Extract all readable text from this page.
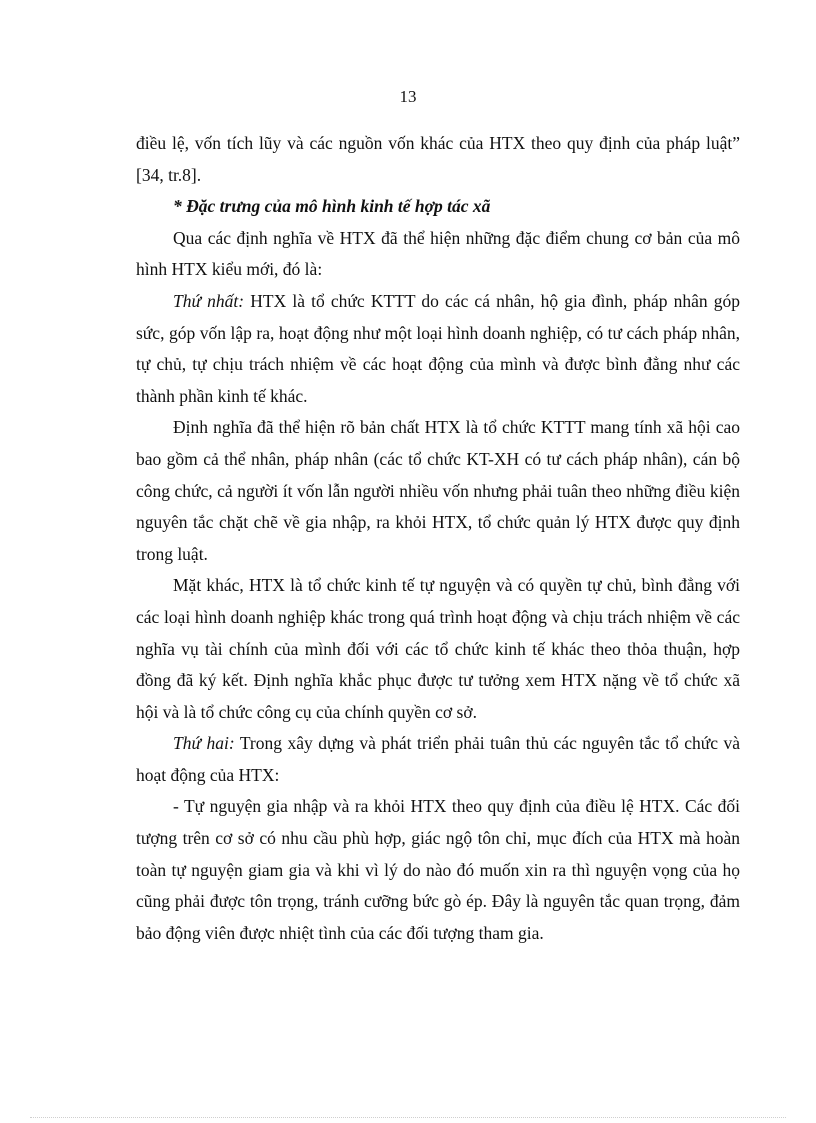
13

điều lệ, vốn tích lũy và các nguồn vốn khác của HTX theo quy định của pháp luật” [34, tr.8].

* Đặc trưng của mô hình kinh tế hợp tác xã

Qua các định nghĩa về HTX đã thể hiện những đặc điểm chung cơ bản của mô hình HTX kiểu mới, đó là:

Thứ nhất: HTX là tổ chức KTTT do các cá nhân, hộ gia đình, pháp nhân góp sức, góp vốn lập ra, hoạt động như một loại hình doanh nghiệp, có tư cách pháp nhân, tự chủ, tự chịu trách nhiệm về các hoạt động của mình và được bình đẳng như các thành phần kinh tế khác.

Định nghĩa đã thể hiện rõ bản chất HTX là tổ chức KTTT mang tính xã hội cao bao gồm cả thể nhân, pháp nhân (các tổ chức KT-XH có tư cách pháp nhân), cán bộ công chức, cả người ít vốn lẫn người nhiều vốn nhưng phải tuân theo những điều kiện nguyên tắc chặt chẽ về gia nhập, ra khỏi HTX, tổ chức quản lý HTX được quy định trong luật.

Mặt khác, HTX là tổ chức kinh tế tự nguyện và có quyền tự chủ, bình đẳng với các loại hình doanh nghiệp khác trong quá trình hoạt động và chịu trách nhiệm về các nghĩa vụ tài chính của mình đối với các tổ chức kinh tế khác theo thỏa thuận, hợp đồng đã ký kết. Định nghĩa khắc phục được tư tưởng xem HTX nặng về tổ chức xã hội và là tổ chức công cụ của chính quyền cơ sở.

Thứ hai: Trong xây dựng và phát triển phải tuân thủ các nguyên tắc tổ chức và hoạt động của HTX:

- Tự nguyện gia nhập và ra khỏi HTX theo quy định của điều lệ HTX. Các đối tượng trên cơ sở có nhu cầu phù hợp, giác ngộ tôn chỉ, mục đích của HTX mà hoàn toàn tự nguyện giam gia và khi vì lý do nào đó muốn xin ra thì nguyện vọng của họ cũng phải được tôn trọng, tránh cưỡng bức gò ép. Đây là nguyên tắc quan trọng, đảm bảo động viên được nhiệt tình của các đối tượng tham gia.
